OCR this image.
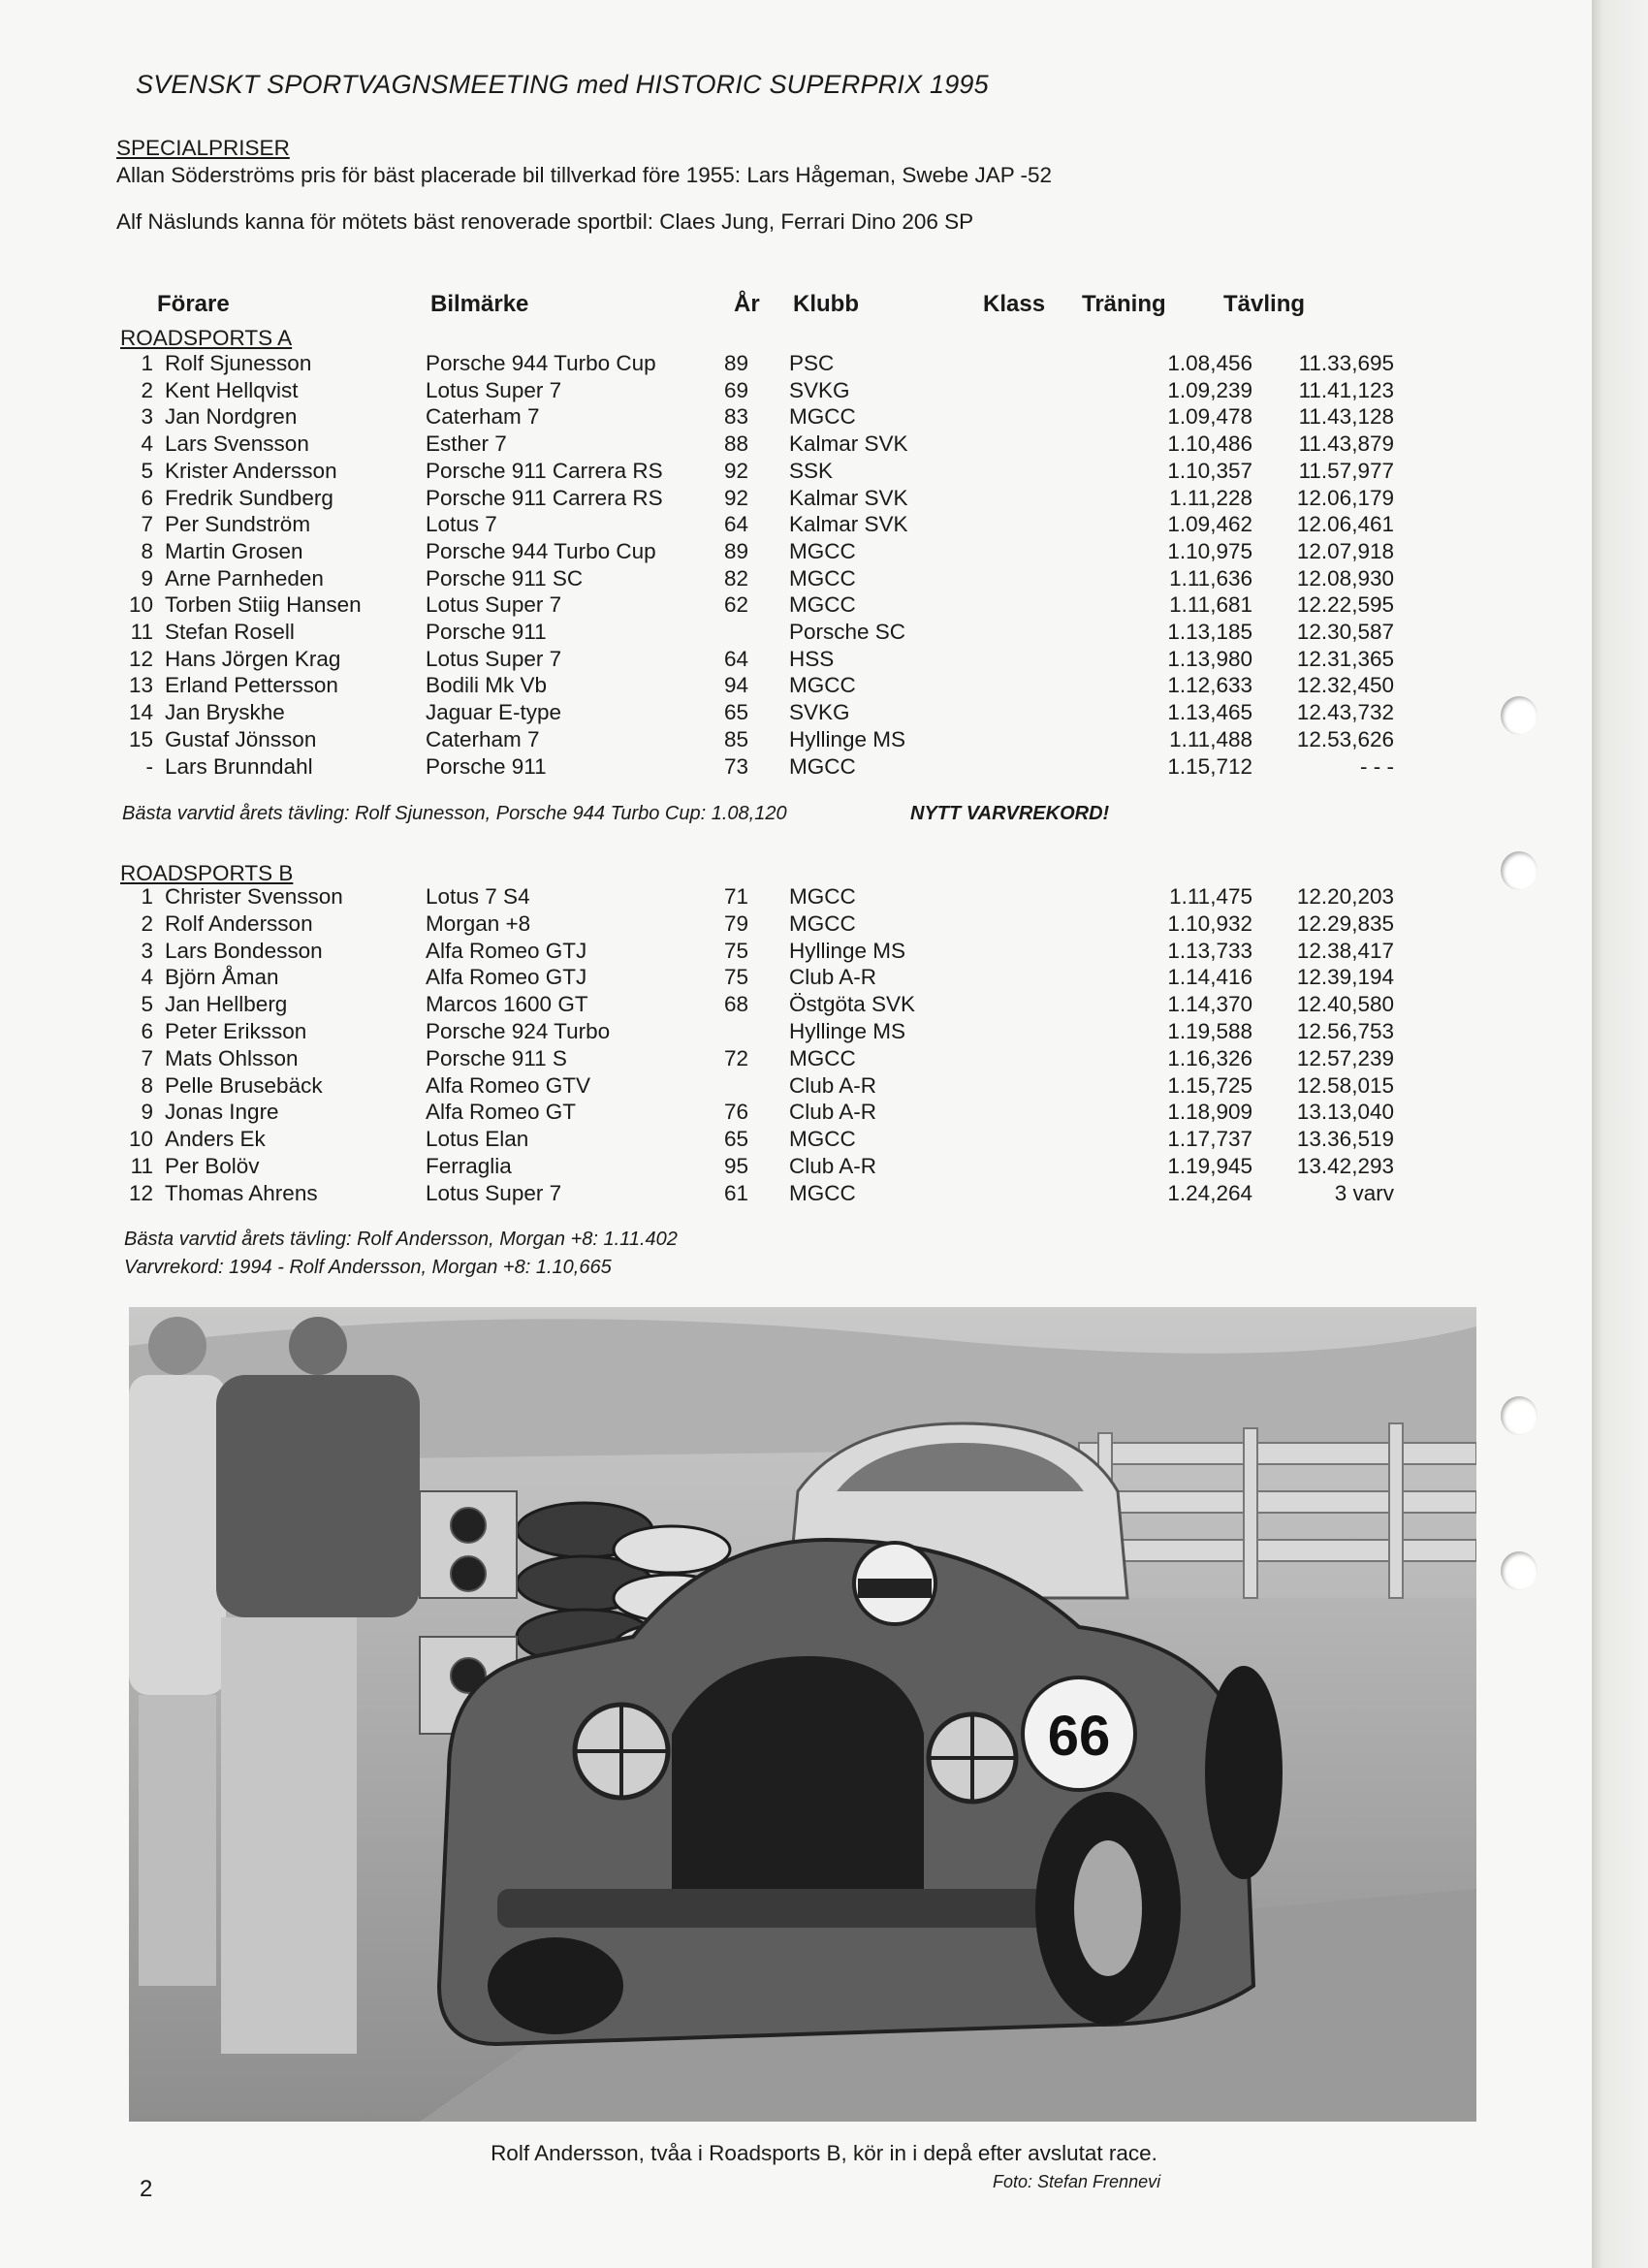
SVENSKT SPORTVAGNSMEETING med HISTORIC SUPERPRIX 1995
SPECIALPRISER
Allan Söderströms pris för bäst placerade bil tillverkad före 1955: Lars Hågeman, Swebe JAP -52
Alf Näslunds kanna för mötets bäst renoverade sportbil: Claes Jung, Ferrari Dino 206 SP
Förare	Bilmärke	År Klubb	Klass Träning Tävling
ROADSPORTS A
1 Rolf Sjunesson	Porsche 944 Turbo Cup	89 PSC	1.08,456	11.33,695
2 Kent Hellqvist	Lotus Super 7	69 SVKG	1.09,239	11.41,123
3 Jan Nordgren	Caterham 7	83 MGCC	1.09,478	11.43,128
4 Lars Svensson	Esther 7	88 Kalmar SVK	1.10,486	11.43,879
5 Krister Andersson	Porsche 911 Carrera RS	92 SSK	1.10,357	11.57,977
6 Fredrik Sundberg	Porsche 911 Carrera RS	92 Kalmar SVK	1.11,228	12.06,179
7 Per Sundström	Lotus 7	64 Kalmar SVK	1.09,462	12.06,461
8 Martin Grosen	Porsche 944 Turbo Cup	89 MGCC	1.10,975	12.07,918
9 Arne Parnheden	Porsche 911 SC	82 MGCC	1.11,636	12.08,930
10 Torben Stiig Hansen	Lotus Super 7	62 MGCC	1.11,681	12.22,595
11 Stefan Rosell	Porsche 911	Porsche SC	1.13,185	12.30,587
12 Hans Jörgen Krag	Lotus Super 7	64 HSS	1.13,980	12.31,365
13 Erland Pettersson	Bodili Mk Vb	94 MGCC	1.12,633	12.32,450
14 Jan Bryskhe	Jaguar E-type	65 SVKG	1.13,465	12.43,732
15 Gustaf Jönsson	Caterham 7	85 Hyllinge MS	1.11,488	12.53,626
- Lars Brunndahl	Porsche 911	73 MGCC	1.15,712	- - -
Bästa varvtid årets tävling: Rolf Sjunesson, Porsche 944 Turbo Cup: 1.08,120	NYTT VARVREKORD!
ROADSPORTS B
1 Christer Svensson	Lotus 7 S4	71 MGCC	1.11,475	12.20,203
2 Rolf Andersson	Morgan +8	79 MGCC	1.10,932	12.29,835
3 Lars Bondesson	Alfa Romeo GTJ	75 Hyllinge MS	1.13,733	12.38,417
4 Björn Åman	Alfa Romeo GTJ	75 Club A-R	1.14,416	12.39,194
5 Jan Hellberg	Marcos 1600 GT	68 Östgöta SVK	1.14,370	12.40,580
6 Peter Eriksson	Porsche 924 Turbo	Hyllinge MS	1.19,588	12.56,753
7 Mats Ohlsson	Porsche 911 S	72 MGCC	1.16,326	12.57,239
8 Pelle Brusebäck	Alfa Romeo GTV	Club A-R	1.15,725	12.58,015
9 Jonas Ingre	Alfa Romeo GT	76 Club A-R	1.18,909	13.13,040
10 Anders Ek	Lotus Elan	65 MGCC	1.17,737	13.36,519
11 Per Bolöv	Ferraglia	95 Club A-R	1.19,945	13.42,293
12 Thomas Ahrens	Lotus Super 7	61 MGCC	1.24,264	3 varv
Bästa varvtid årets tävling: Rolf Andersson, Morgan +8: 1.11.402
Varvrekord: 1994 - Rolf Andersson, Morgan +8: 1.10,665
66
Rolf Andersson, tvåa i Roadsports B, kör in i depå efter avslutat race.
Foto: Stefan Frennevi
2
